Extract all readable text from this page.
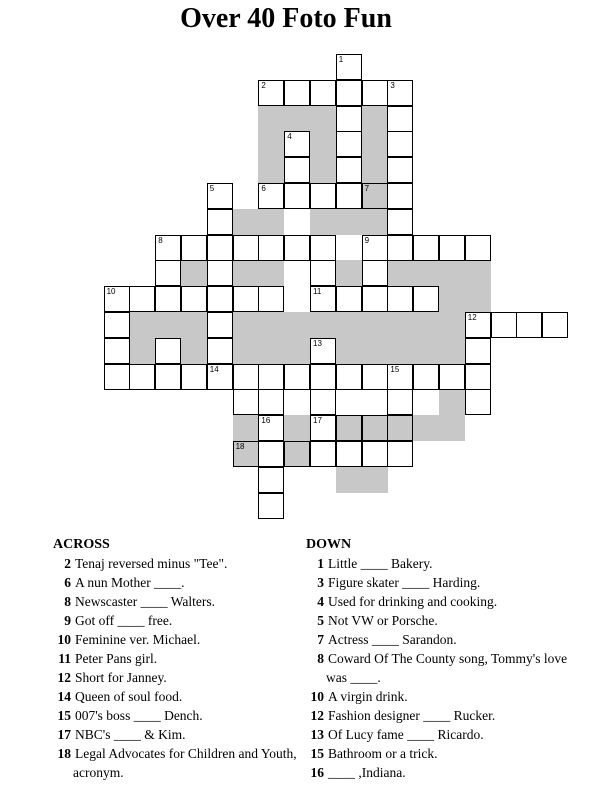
Over 40 Foto Fun
1
2	3
4
5	6	7
8	9
10	11
12
13
14	15
16	17
18
ACROSS
2 Tenaj reversed minus "Tee".
6 A nun Mother ____.
8 Newscaster ____ Walters.
9 Got off ____ free.
10 Feminine ver. Michael.
11 Peter Pans girl.
12 Short for Janney.
14 Queen of soul food.
15 007's boss ____ Dench.
17 NBC's ____ & Kim.
18 Legal Advocates for Children and Youth, acronym.
DOWN
1 Little ____ Bakery.
3 Figure skater ____ Harding.
4 Used for drinking and cooking.
5 Not VW or Porsche.
7 Actress ____ Sarandon.
8 Coward Of The County song, Tommy's love was ____.
10 A virgin drink.
12 Fashion designer ____ Rucker.
13 Of Lucy fame ____ Ricardo.
15 Bathroom or a trick.
16 ____ ,Indiana.
